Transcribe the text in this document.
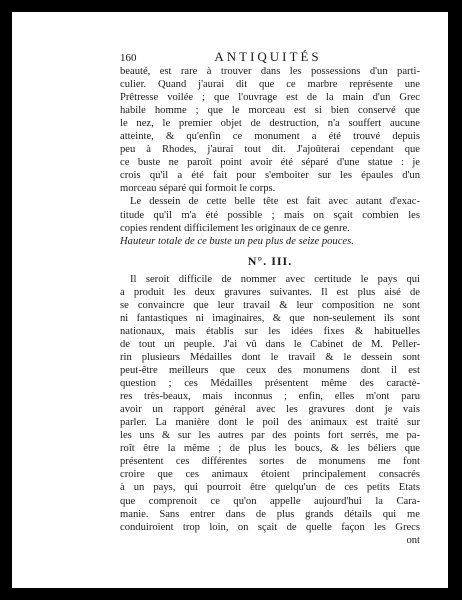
160	ANTIQUITÉS
beauté, est rare à trouver dans les possessions d'un parti-
culier. Quand j'aurai dit que ce marbre représente une
Prêtresse voilée ; que l'ouvrage est de la main d'un Grec
habile homme ; que le morceau est si bien conservé que
le nez, le premier objet de destruction, n'a souffert aucune
atteinte, & qu'enfin ce monument a été trouvé depuis
peu à Rhodes, j'aurai tout dit. J'ajoûterai cependant que
ce buste ne paroît point avoir été séparé d'une statue : je
crois qu'il a été fait pour s'emboiter sur les épaules d'un
morceau séparé qui formoit le corps.
Le dessein de cette belle tête est fait avec autant d'exac-
titude qu'il m'a été possible ; mais on sçait combien les
copies rendent difficilement les originaux de ce genre.
Hauteur totale de ce buste un peu plus de seize pouces.
N°. III.
Il seroit difficile de nommer avec certitude le pays qui
a produit les deux gravures suivantes. Il est plus aisé de
se convaincre que leur travail & leur composition ne sont
ni fantastiques ni imaginaires, & que non-seulement ils sont
nationaux, mais établis sur les idées fixes & habituelles
de tout un peuple. J'ai vû dans le Cabinet de M. Peller-
rin plusieurs Médailles dont le travail & le dessein sont
peut-être meilleurs que ceux des monumens dont il est
question ; ces Médailles présentent même des caractè-
res très-beaux, mais inconnus ; enfin, elles m'ont paru
avoir un rapport général avec les gravures dont je vais
parler. La manière dont le poil des animaux est traité sur
les uns & sur les autres par des points fort serrés, me pa-
roît être la même ; de plus les boucs, & les béliers que
présentent ces différentes sortes de monumens me font
croire que ces animaux étoient principalement consacrés
à un pays, qui pourroit être quelqu'un de ces petits Etats
que comprenoit ce qu'on appelle aujourd'hui la Cara-
manie. Sans entrer dans de plus grands détails qui me
conduiroient trop loin, on sçait de quelle façon les Grecs
ont
